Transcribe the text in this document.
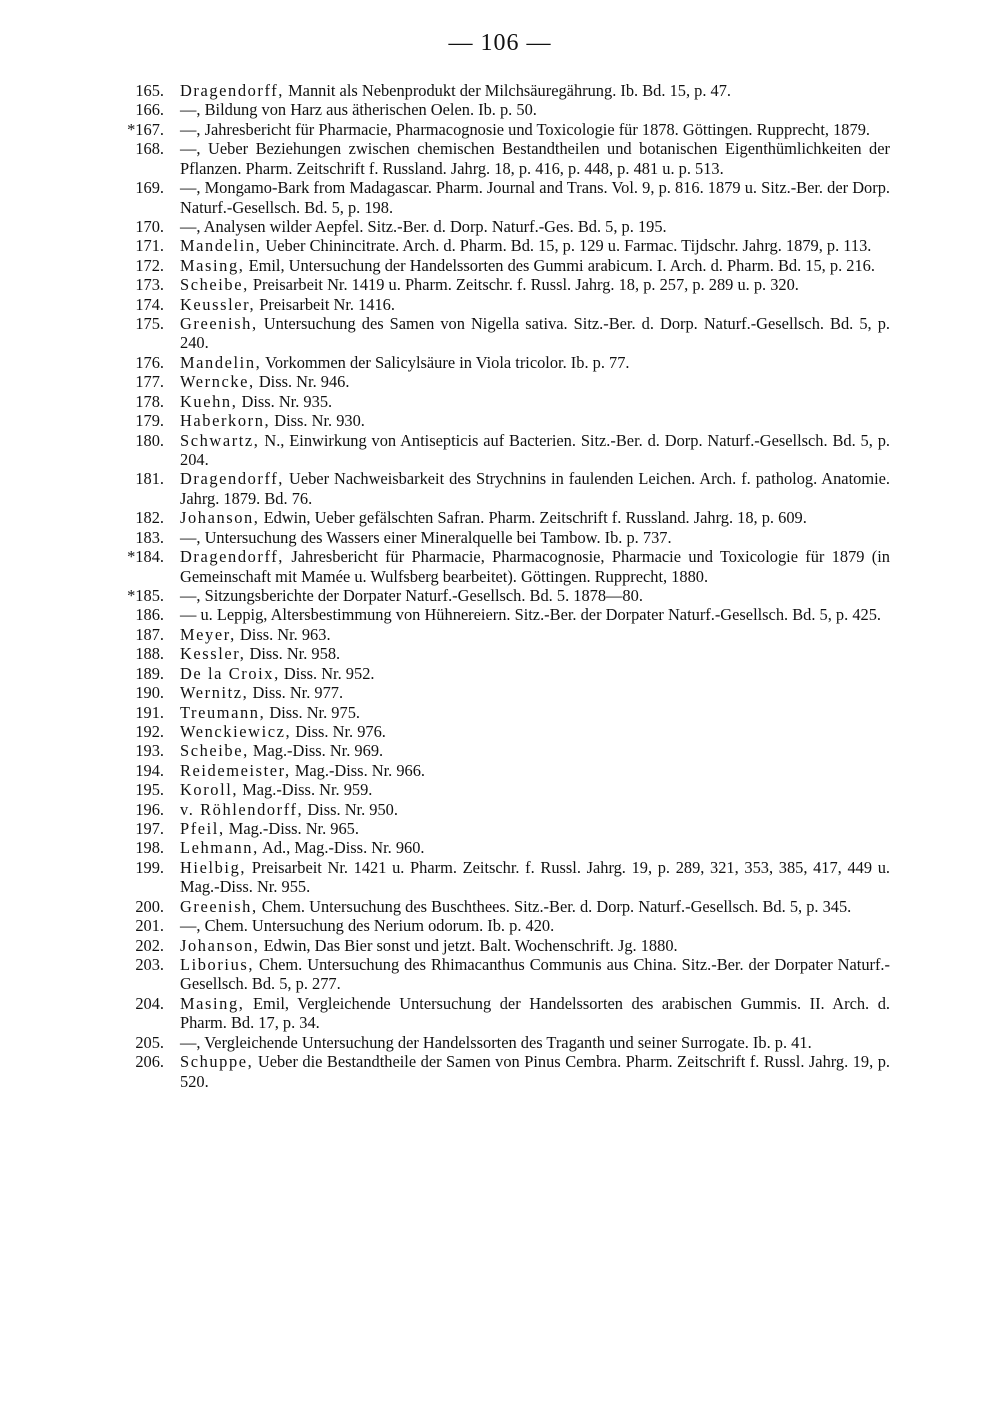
— 106 —
165. Dragendorff, Mannit als Nebenprodukt der Milchsäuregährung. Ib. Bd. 15, p. 47.
166. —, Bildung von Harz aus ätherischen Oelen. Ib. p. 50.
*167. —, Jahresbericht für Pharmacie, Pharmacognosie und Toxicologie für 1878. Göttingen. Rupprecht, 1879.
168. —, Ueber Beziehungen zwischen chemischen Bestandtheilen und botanischen Eigenthümlichkeiten der Pflanzen. Pharm. Zeitschrift f. Russland. Jahrg. 18, p. 416, p. 448, p. 481 u. p. 513.
169. —, Mongamo-Bark from Madagascar. Pharm. Journal and Trans. Vol. 9, p. 816. 1879 u. Sitz.-Ber. der Dorp. Naturf.-Gesellsch. Bd. 5, p. 198.
170. —, Analysen wilder Aepfel. Sitz.-Ber. d. Dorp. Naturf.-Ges. Bd. 5, p. 195.
171. Mandelin, Ueber Chinincitrate. Arch. d. Pharm. Bd. 15, p. 129 u. Farmac. Tijdschr. Jahrg. 1879, p. 113.
172. Masing, Emil, Untersuchung der Handelssorten des Gummi arabicum. I. Arch. d. Pharm. Bd. 15, p. 216.
173. Scheibe, Preisarbeit Nr. 1419 u. Pharm. Zeitschr. f. Russl. Jahrg. 18, p. 257, p. 289 u. p. 320.
174. Keussler, Preisarbeit Nr. 1416.
175. Greenish, Untersuchung des Samen von Nigella sativa. Sitz.-Ber. d. Dorp. Naturf.-Gesellsch. Bd. 5, p. 240.
176. Mandelin, Vorkommen der Salicylsäure in Viola tricolor. Ib. p. 77.
177. Werncke, Diss. Nr. 946.
178. Kuehn, Diss. Nr. 935.
179. Haberkorn, Diss. Nr. 930.
180. Schwartz, N., Einwirkung von Antisepticis auf Bacterien. Sitz.-Ber. d. Dorp. Naturf.-Gesellsch. Bd. 5, p. 204.
181. Dragendorff, Ueber Nachweisbarkeit des Strychnins in faulenden Leichen. Arch. f. patholog. Anatomie. Jahrg. 1879. Bd. 76.
182. Johanson, Edwin, Ueber gefälschten Safran. Pharm. Zeitschrift f. Russland. Jahrg. 18, p. 609.
183. —, Untersuchung des Wassers einer Mineralquelle bei Tambow. Ib. p. 737.
*184. Dragendorff, Jahresbericht für Pharmacie, Pharmacognosie, Pharmacie und Toxicologie für 1879 (in Gemeinschaft mit Mamée u. Wulfsberg bearbeitet). Göttingen. Rupprecht, 1880.
*185. —, Sitzungsberichte der Dorpater Naturf.-Gesellsch. Bd. 5. 1878—80.
186. — u. Leppig, Altersbestimmung von Hühnereiern. Sitz.-Ber. der Dorpater Naturf.-Gesellsch. Bd. 5, p. 425.
187. Meyer, Diss. Nr. 963.
188. Kessler, Diss. Nr. 958.
189. De la Croix, Diss. Nr. 952.
190. Wernitz, Diss. Nr. 977.
191. Treumann, Diss. Nr. 975.
192. Wenckiewicz, Diss. Nr. 976.
193. Scheibe, Mag.-Diss. Nr. 969.
194. Reidemeister, Mag.-Diss. Nr. 966.
195. Koroll, Mag.-Diss. Nr. 959.
196. v. Röhlendorff, Diss. Nr. 950.
197. Pfeil, Mag.-Diss. Nr. 965.
198. Lehmann, Ad., Mag.-Diss. Nr. 960.
199. Hielbig, Preisarbeit Nr. 1421 u. Pharm. Zeitschr. f. Russl. Jahrg. 19, p. 289, 321, 353, 385, 417, 449 u. Mag.-Diss. Nr. 955.
200. Greenish, Chem. Untersuchung des Buschthees. Sitz.-Ber. d. Dorp. Naturf.-Gesellsch. Bd. 5, p. 345.
201. —, Chem. Untersuchung des Nerium odorum. Ib. p. 420.
202. Johanson, Edwin, Das Bier sonst und jetzt. Balt. Wochenschrift. Jg. 1880.
203. Liborius, Chem. Untersuchung des Rhimacanthus Communis aus China. Sitz.-Ber. der Dorpater Naturf.-Gesellsch. Bd. 5, p. 277.
204. Masing, Emil, Vergleichende Untersuchung der Handelssorten des arabischen Gummis. II. Arch. d. Pharm. Bd. 17, p. 34.
205. —, Vergleichende Untersuchung der Handelssorten des Traganth und seiner Surrogate. Ib. p. 41.
206. Schuppe, Ueber die Bestandtheile der Samen von Pinus Cembra. Pharm. Zeitschrift f. Russl. Jahrg. 19, p. 520.
